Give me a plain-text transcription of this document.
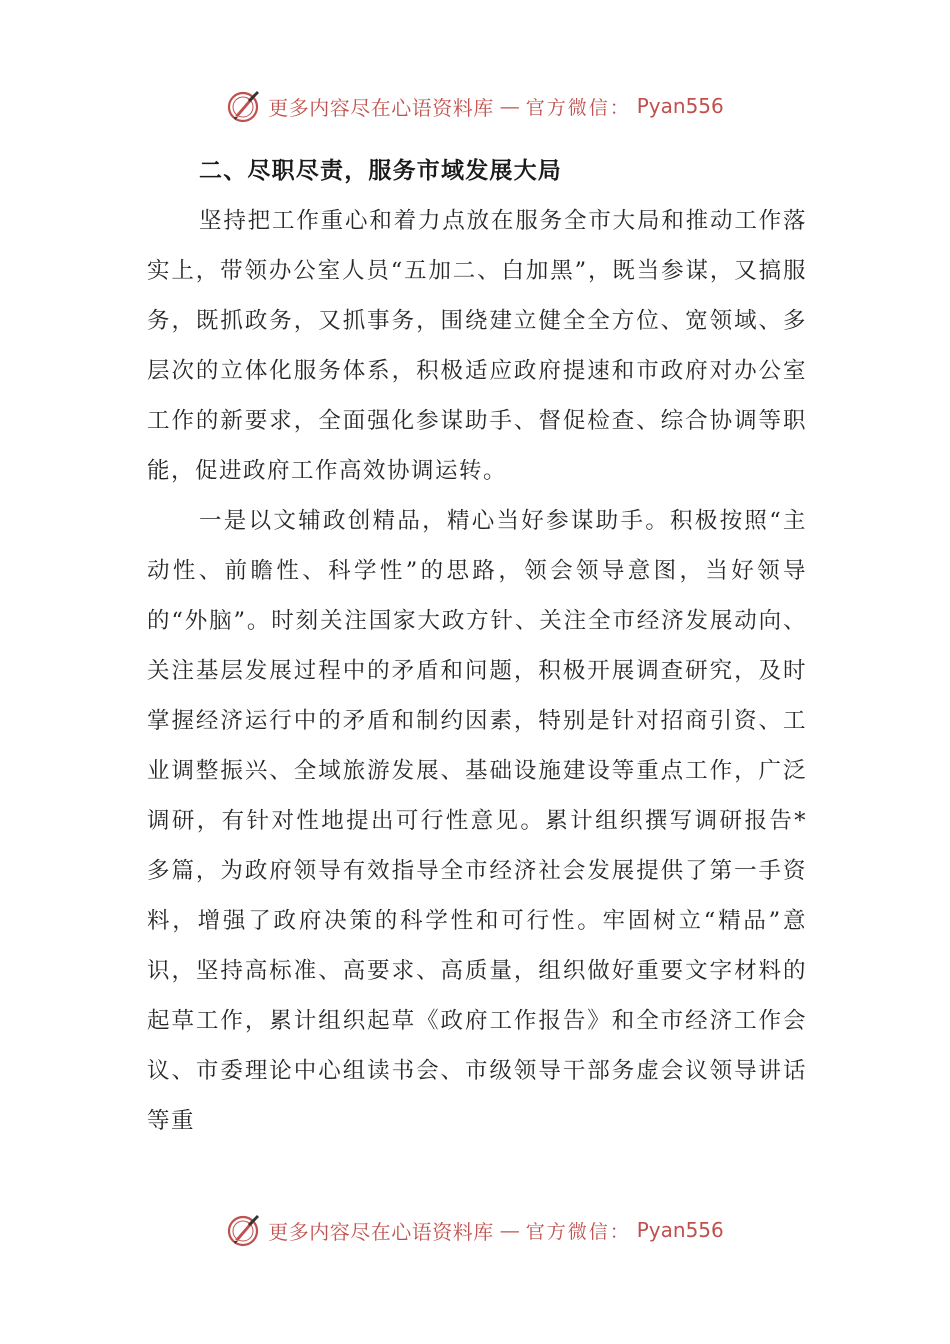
更多内容尽在心语资料库 — 官方微信： Pyan556
二、尽职尽责，服务市域发展大局

坚持把工作重心和着力点放在服务全市大局和推动工作落实上，带领办公室人员“五加二、白加黑”，既当参谋，又搞服务，既抓政务，又抓事务，围绕建立健全全方位、宽领域、多层次的立体化服务体系，积极适应政府提速和市政府对办公室工作的新要求，全面强化参谋助手、督促检查、综合协调等职能，促进政府工作高效协调运转。

一是以文辅政创精品，精心当好参谋助手。积极按照“主动性、前瞻性、科学性”的思路，领会领导意图，当好领导的“外脑”。时刻关注国家大政方针、关注全市经济发展动向、关注基层发展过程中的矛盾和问题，积极开展调查研究，及时掌握经济运行中的矛盾和制约因素，特别是针对招商引资、工业调整振兴、全域旅游发展、基础设施建设等重点工作，广泛调研，有针对性地提出可行性意见。累计组织撰写调研报告*多篇，为政府领导有效指导全市经济社会发展提供了第一手资料，增强了政府决策的科学性和可行性。牢固树立“精品”意识，坚持高标准、高要求、高质量，组织做好重要文字材料的起草工作，累计组织起草《政府工作报告》和全市经济工作会议、市委理论中心组读书会、市级领导干部务虚会议领导讲话等重

更多内容尽在心语资料库 — 官方微信： Pyan556
